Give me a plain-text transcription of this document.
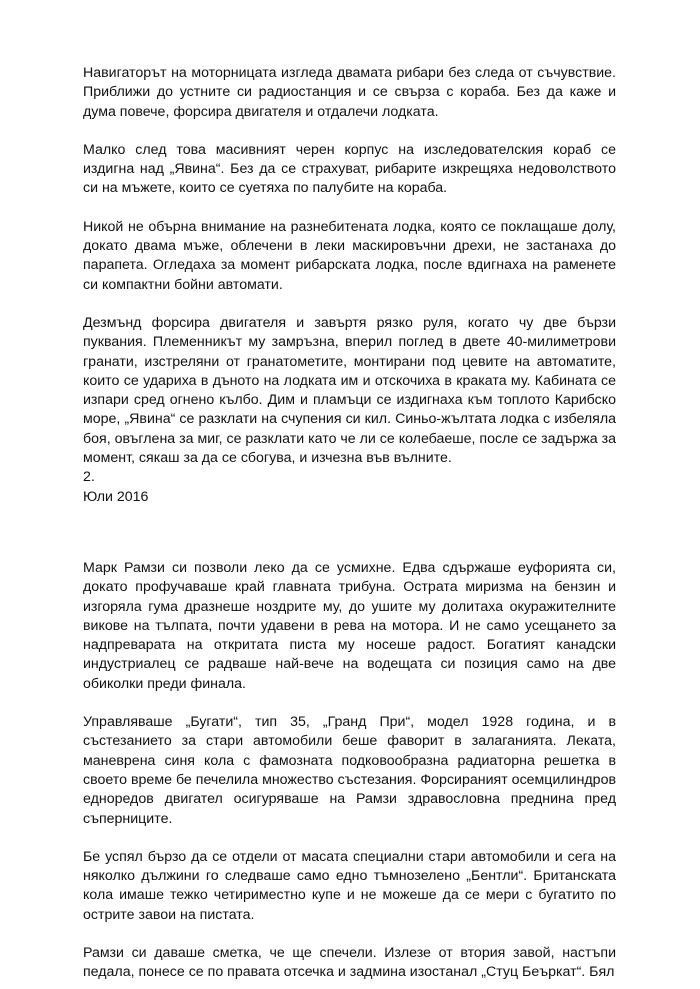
Навигаторът на моторницата изгледа двамата рибари без следа от съчувствие. Приближи до устните си радиостанция и се свърза с кораба. Без да каже и дума повече, форсира двигателя и отдалечи лодката.

Малко след това масивният черен корпус на изследователския кораб се издигна над „Явина“. Без да се страхуват, рибарите изкрещяха недоволството си на мъжете, които се суетяха по палубите на кораба.

Никой не обърна внимание на разнебитената лодка, която се поклащаше долу, докато двама мъже, облечени в леки маскировъчни дрехи, не застанаха до парапета. Огледаха за момент рибарската лодка, после вдигнаха на раменете си компактни бойни автомати.

Дезмънд форсира двигателя и завъртя рязко руля, когато чу две бързи пуквания. Племенникът му замръзна, вперил поглед в двете 40-милиметрови гранати, изстреляни от гранатометите, монтирани под цевите на автоматите, които се удариха в дъното на лодката им и отскочиха в краката му. Кабината се изпари сред огнено кълбо. Дим и пламъци се издигнаха към топлото Карибско море, „Явина“ се разклати на счупения си кил. Синьо-жълтата лодка с избеляла боя, овъглена за миг, се разклати като че ли се колебаеше, после се задържа за момент, сякаш за да се сбогува, и изчезна във вълните.

2.

Юли 2016

Марк Рамзи си позволи леко да се усмихне. Едва сдържаше еуфорията си, докато профучаваше край главната трибуна. Острата миризма на бензин и изгоряла гума дразнеше ноздрите му, до ушите му долитаха окуражителните викове на тълпата, почти удавени в рева на мотора. И не само усещането за надпреварата на откритата писта му носеше радост. Богатият канадски индустриалец се радваше най-вече на водещата си позиция само на две обиколки преди финала.

Управляваше „Бугати“, тип 35, „Гранд При“, модел 1928 година, и в състезанието за стари автомобили беше фаворит в залаганията. Леката, маневрена синя кола с фамозната подковообразна радиаторна решетка в своето време бе печелила множество състезания. Форсираният осемцилиндров едноредов двигател осигуряваше на Рамзи здравословна преднина пред съперниците.

Бе успял бързо да се отдели от масата специални стари автомобили и сега на няколко дължини го следваше само едно тъмнозелено „Бентли“. Британската кола имаше тежко четириместно купе и не можеше да се мери с бугатито по острите завои на пистата.

Рамзи си даваше сметка, че ще спечели. Излезе от втория завой, настъпи педала, понесе се по правата отсечка и задмина изостанал „Стуц Беъркат“. Бял
